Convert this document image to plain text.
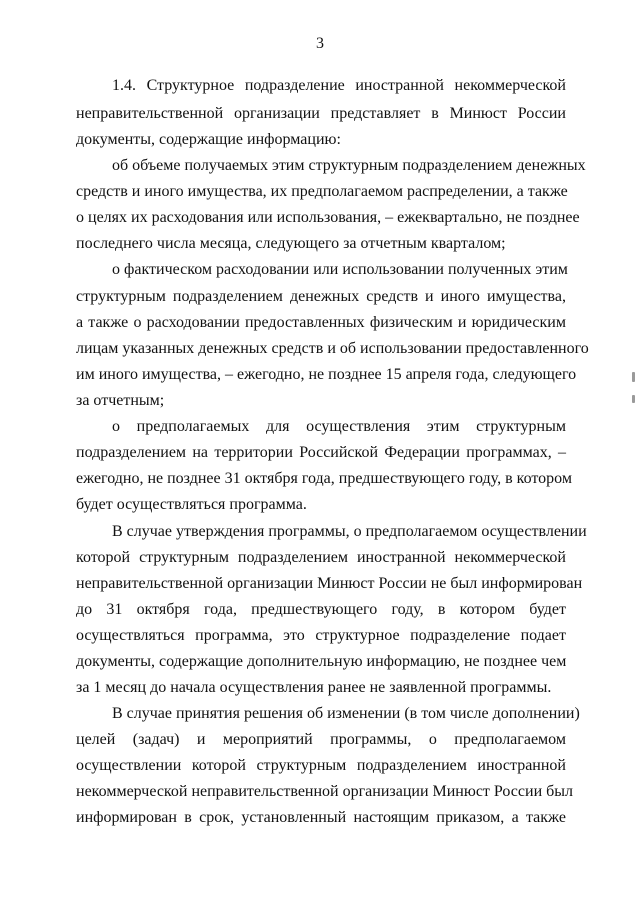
3
1.4. Структурное подразделение иностранной некоммерческой
неправительственной организации представляет в Минюст России
документы, содержащие информацию:
об объеме получаемых этим структурным подразделением денежных
средств и иного имущества, их предполагаемом распределении, а также
о целях их расходования или использования, – ежеквартально, не позднее
последнего числа месяца, следующего за отчетным кварталом;
о фактическом расходовании или использовании полученных этим
структурным подразделением денежных средств и иного имущества,
а также о расходовании предоставленных физическим и юридическим
лицам указанных денежных средств и об использовании предоставленного
им иного имущества, – ежегодно, не позднее 15 апреля года, следующего
за отчетным;
о предполагаемых для осуществления этим структурным
подразделением на территории Российской Федерации программах, –
ежегодно, не позднее 31 октября года, предшествующего году, в котором
будет осуществляться программа.
В случае утверждения программы, о предполагаемом осуществлении
которой структурным подразделением иностранной некоммерческой
неправительственной организации Минюст России не был информирован
до 31 октября года, предшествующего году, в котором будет
осуществляться программа, это структурное подразделение подает
документы, содержащие дополнительную информацию, не позднее чем
за 1 месяц до начала осуществления ранее не заявленной программы.
В случае принятия решения об изменении (в том числе дополнении)
целей (задач) и мероприятий программы, о предполагаемом
осуществлении которой структурным подразделением иностранной
некоммерческой неправительственной организации Минюст России был
информирован в срок, установленный настоящим приказом, а также
